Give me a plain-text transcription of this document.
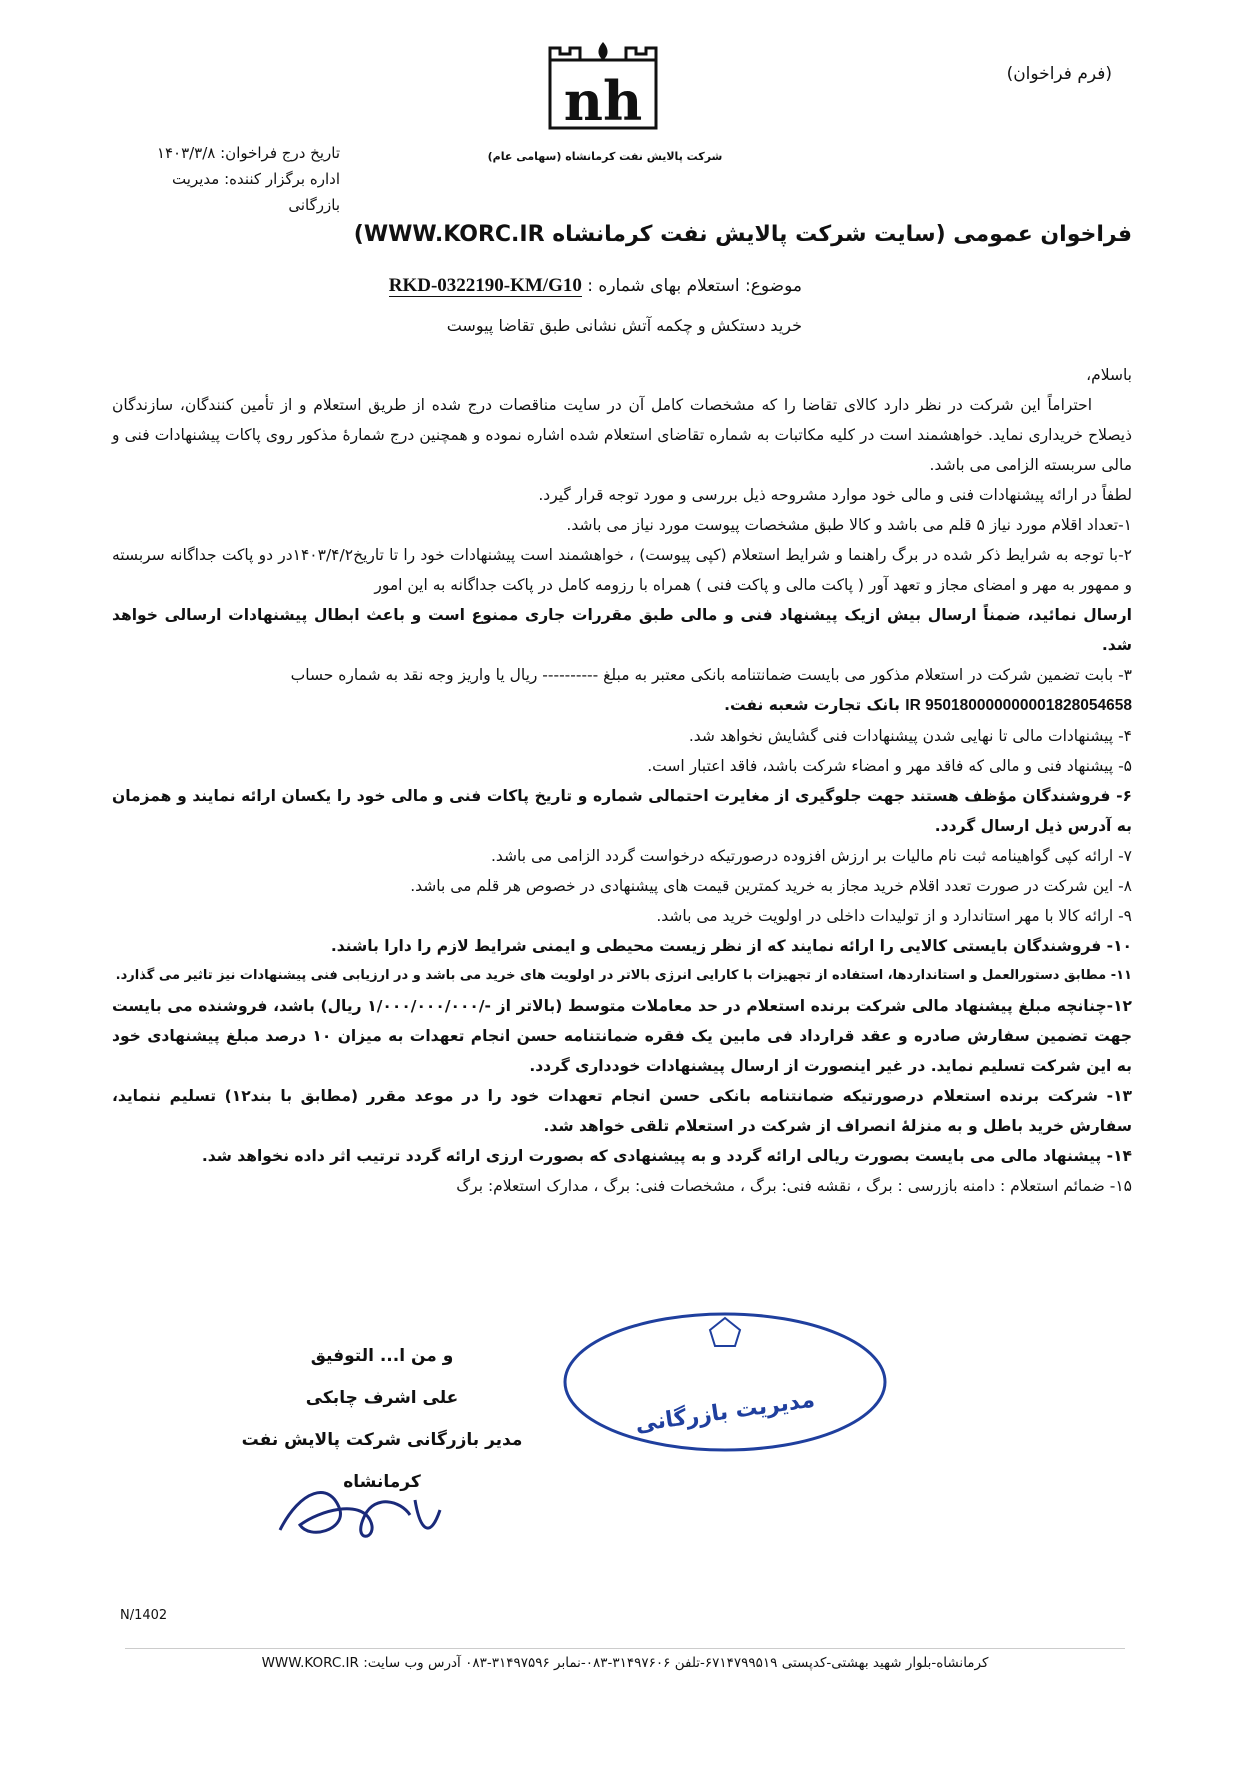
(فرم فراخوان)
nh
شرکت پالایش نفت کرمانشاه (سهامی عام)
تاریخ درج فراخوان: ۱۴۰۳/۳/۸
اداره برگزار کننده: مدیریت بازرگانی
فراخوان عمومی (سایت شرکت پالایش نفت کرمانشاه WWW.KORC.IR)
موضوع: استعلام بهای شماره : RKD-0322190-KM/G10
خرید دستکش و چکمه آتش نشانی طبق تقاضا پیوست

باسلام،

احتراماً این شرکت در نظر دارد کالای تقاضا را که مشخصات کامل آن در سایت مناقصات درج شده از طریق استعلام و از تأمین کنندگان، سازندگان ذیصلاح خریداری نماید. خواهشمند است در کلیه مکاتبات به شماره تقاضای استعلام شده اشاره نموده و همچنین درج شمارهٔ مذکور روی پاکات پیشنهادات فنی و مالی سربسته الزامی می باشد.

لطفاً در ارائه پیشنهادات فنی و مالی خود موارد مشروحه ذیل بررسی و مورد توجه قرار گیرد.

۱-تعداد اقلام مورد نیاز ۵ قلم می باشد و کالا طبق مشخصات پیوست مورد نیاز می باشد.

۲-با توجه به شرایط ذکر شده در برگ راهنما و شرایط استعلام (کپی پیوست) ، خواهشمند است پیشنهادات خود را تا تاریخ۱۴۰۳/۴/۲در دو پاکت جداگانه سربسته و ممهور به مهر و امضای مجاز و تعهد آور ( پاکت مالی و پاکت فنی ) همراه با رزومه کامل در پاکت جداگانه به این امور

ارسال نمائید، ضمناً ارسال بیش ازیک پیشنهاد فنی و مالی طبق مقررات جاری ممنوع است و باعث ابطال پیشنهادات ارسالی خواهد شد.

۳- بابت تضمین شرکت در استعلام مذکور می بایست ضمانتنامه بانکی معتبر به مبلغ ---------- ریال یا واریز وجه نقد به شماره حساب

IR 950180000000001828054658 بانک تجارت شعبه نفت.

۴- پیشنهادات مالی تا نهایی شدن پیشنهادات فنی گشایش نخواهد شد.

۵- پیشنهاد فنی و مالی که فاقد مهر و امضاء شرکت باشد، فاقد اعتبار است.

۶- فروشندگان مؤظف هستند جهت جلوگیری از مغایرت احتمالی شماره و تاریخ پاکات فنی و مالی خود را یکسان ارائه نمایند و همزمان به آدرس ذیل ارسال گردد.

۷- ارائه کپی گواهینامه ثبت نام مالیات بر ارزش افزوده درصورتیکه درخواست گردد الزامی می باشد.

۸- این شرکت در صورت تعدد اقلام خرید مجاز به خرید کمترین قیمت های پیشنهادی در خصوص هر قلم می باشد.

۹- ارائه کالا با مهر استاندارد و از تولیدات داخلی در اولویت خرید می باشد.

۱۰- فروشندگان بایستی کالایی را ارائه نمایند که از نظر زیست محیطی و ایمنی شرایط لازم را دارا باشند.

۱۱- مطابق دستورالعمل و استانداردها، استفاده از تجهیزات با کارایی انرژی بالاتر در اولویت های خرید می باشد و در ارزیابی فنی پیشنهادات نیز تاثیر می گذارد.

۱۲-چنانچه مبلغ پیشنهاد مالی شرکت برنده استعلام در حد معاملات متوسط (بالاتر از -/۱/۰۰۰/۰۰۰/۰۰۰ ریال) باشد، فروشنده می بایست جهت تضمین سفارش صادره و عقد قرارداد فی مابین یک فقره ضمانتنامه حسن انجام تعهدات به میزان ۱۰ درصد مبلغ پیشنهادی خود به این شرکت تسلیم نماید. در غیر اینصورت از ارسال پیشنهادات خودداری گردد.

۱۳- شرکت برنده استعلام درصورتیکه ضمانتنامه بانکی حسن انجام تعهدات خود را در موعد مقرر (مطابق با بند۱۲) تسلیم ننماید، سفارش خرید باطل و به منزلهٔ انصراف از شرکت در استعلام تلقی خواهد شد.

۱۴- پیشنهاد مالی می بایست بصورت ریالی ارائه گردد و به پیشنهادی که بصورت ارزی ارائه گردد ترتیب اثر داده نخواهد شد.

۱۵- ضمائم استعلام : دامنه بازرسی : برگ ، نقشه فنی: برگ ، مشخصات فنی: برگ ، مدارک استعلام: برگ

و من ا... التوفیق
علی اشرف چابکی
مدیر بازرگانی شرکت پالایش نفت کرمانشاه
مدیریت بازرگانی
N/1402
کرمانشاه-بلوار شهید بهشتی-کدپستی ۶۷۱۴۷۹۹۵۱۹-تلفن ۳۱۴۹۷۶۰۶-۰۸۳-نمابر ۳۱۴۹۷۵۹۶-۰۸۳ آدرس وب سایت: WWW.KORC.IR
